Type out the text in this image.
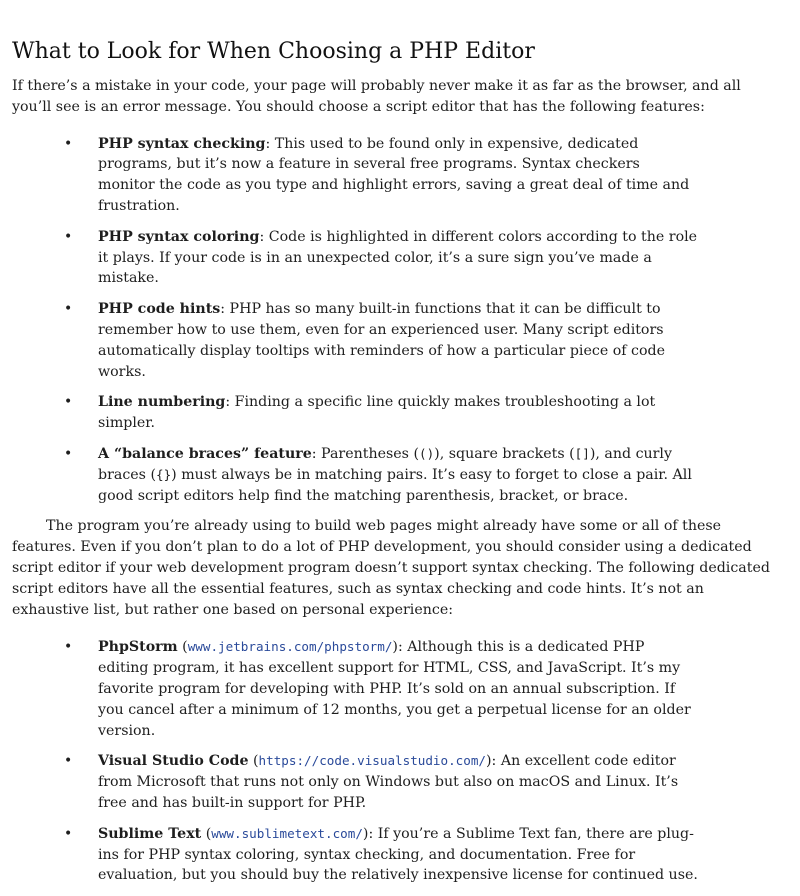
What to Look for When Choosing a PHP Editor

If there’s a mistake in your code, your page will probably never make it as far as the browser, and all you’ll see is an error message. You should choose a script editor that has the following features:

• PHP syntax checking: This used to be found only in expensive, dedicated programs, but it’s now a feature in several free programs. Syntax checkers monitor the code as you type and highlight errors, saving a great deal of time and frustration.

• PHP syntax coloring: Code is highlighted in different colors according to the role it plays. If your code is in an unexpected color, it’s a sure sign you’ve made a mistake.

• PHP code hints: PHP has so many built-in functions that it can be difficult to remember how to use them, even for an experienced user. Many script editors automatically display tooltips with reminders of how a particular piece of code works.

• Line numbering: Finding a specific line quickly makes troubleshooting a lot simpler.

• A “balance braces” feature: Parentheses (()), square brackets ([]), and curly braces ({}) must always be in matching pairs. It’s easy to forget to close a pair. All good script editors help find the matching parenthesis, bracket, or brace.

The program you’re already using to build web pages might already have some or all of these features. Even if you don’t plan to do a lot of PHP development, you should consider using a dedicated script editor if your web development program doesn’t support syntax checking. The following dedicated script editors have all the essential features, such as syntax checking and code hints. It’s not an exhaustive list, but rather one based on personal experience:

• PhpStorm (www.jetbrains.com/phpstorm/): Although this is a dedicated PHP editing program, it has excellent support for HTML, CSS, and JavaScript. It’s my favorite program for developing with PHP. It’s sold on an annual subscription. If you cancel after a minimum of 12 months, you get a perpetual license for an older version.

• Visual Studio Code (https://code.visualstudio.com/): An excellent code editor from Microsoft that runs not only on Windows but also on macOS and Linux. It’s free and has built-in support for PHP.

• Sublime Text (www.sublimetext.com/): If you’re a Sublime Text fan, there are plug-ins for PHP syntax coloring, syntax checking, and documentation. Free for evaluation, but you should buy the relatively inexpensive license for continued use.
